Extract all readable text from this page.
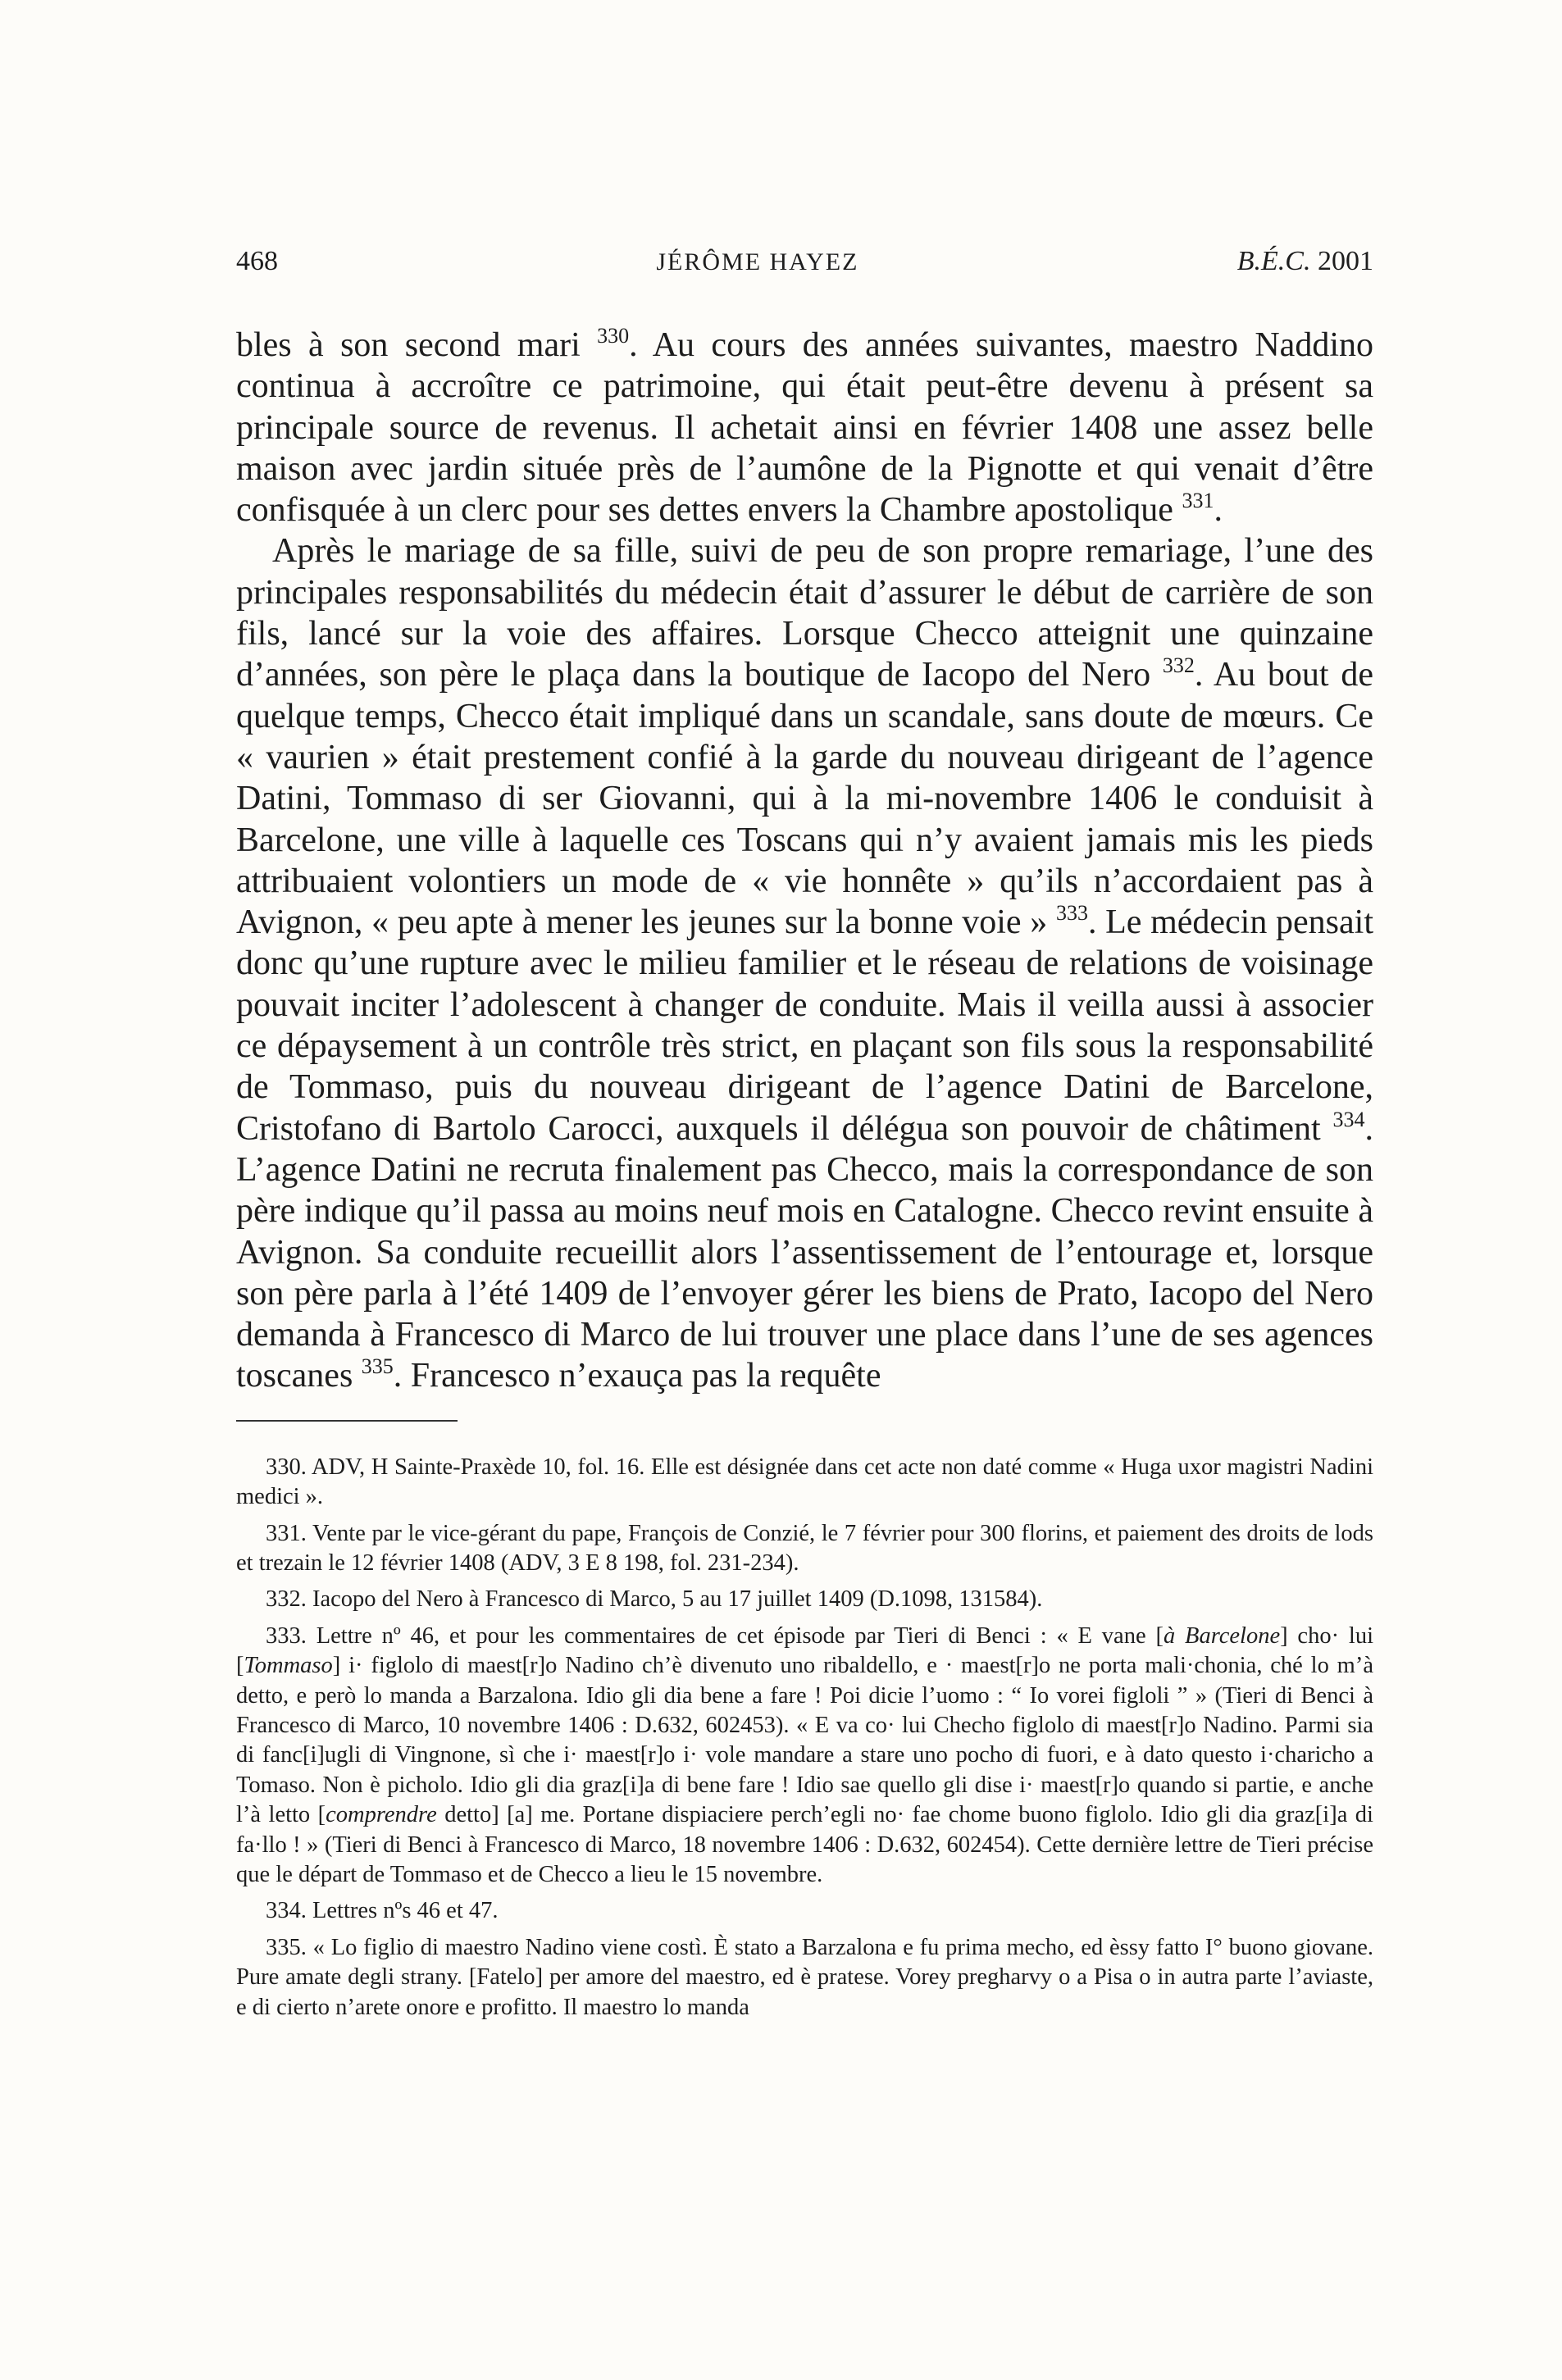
468	JÉRÔME HAYEZ	B.É.C. 2001

bles à son second mari $^{330}$. Au cours des années suivantes, maestro Naddino continua à accroître ce patrimoine, qui était peut-être devenu à présent sa principale source de revenus. Il achetait ainsi en février 1408 une assez belle maison avec jardin située près de l’aumône de la Pignotte et qui venait d’être confisquée à un clerc pour ses dettes envers la Chambre apostolique $^{331}$.

Après le mariage de sa fille, suivi de peu de son propre remariage, l’une des principales responsabilités du médecin était d’assurer le début de carrière de son fils, lancé sur la voie des affaires. Lorsque Checco atteignit une quinzaine d’années, son père le plaça dans la boutique de Iacopo del Nero $^{332}$. Au bout de quelque temps, Checco était impliqué dans un scandale, sans doute de mœurs. Ce « vaurien » était prestement confié à la garde du nouveau dirigeant de l’agence Datini, Tommaso di ser Giovanni, qui à la mi-novembre 1406 le conduisit à Barcelone, une ville à laquelle ces Toscans qui n’y avaient jamais mis les pieds attribuaient volontiers un mode de « vie honnête » qu’ils n’accordaient pas à Avignon, « peu apte à mener les jeunes sur la bonne voie » $^{333}$. Le médecin pensait donc qu’une rupture avec le milieu familier et le réseau de relations de voisinage pouvait inciter l’adolescent à changer de conduite. Mais il veilla aussi à associer ce dépaysement à un contrôle très strict, en plaçant son fils sous la responsabilité de Tommaso, puis du nouveau dirigeant de l’agence Datini de Barcelone, Cristofano di Bartolo Carocci, auxquels il délégua son pouvoir de châtiment $^{334}$. L’agence Datini ne recruta finalement pas Checco, mais la correspondance de son père indique qu’il passa au moins neuf mois en Catalogne. Checco revint ensuite à Avignon. Sa conduite recueillit alors l’assentissement de l’entourage et, lorsque son père parla à l’été 1409 de l’envoyer gérer les biens de Prato, Iacopo del Nero demanda à Francesco di Marco de lui trouver une place dans l’une de ses agences toscanes $^{335}$. Francesco n’exauça pas la requête

330. ADV, H Sainte-Praxède 10, fol. 16. Elle est désignée dans cet acte non daté comme « Huga uxor magistri Nadini medici ».

331. Vente par le vice-gérant du pape, François de Conzié, le 7 février pour 300 florins, et paiement des droits de lods et trezain le 12 février 1408 (ADV, 3 E 8 198, fol. 231-234).

332. Iacopo del Nero à Francesco di Marco, 5 au 17 juillet 1409 (D.1098, 131584).

333. Lettre nº 46, et pour les commentaires de cet épisode par Tieri di Benci : « E vane [à Barcelone] cho· lui [Tommaso] i· figlolo di maest[r]o Nadino ch’è divenuto uno ribaldello, e · maest[r]o ne porta mali·chonia, ché lo m’à detto, e però lo manda a Barzalona. Idio gli dia bene a fare ! Poi dicie l’uomo : “ Io vorei figloli ” » (Tieri di Benci à Francesco di Marco, 10 novembre 1406 : D.632, 602453). « E va co· lui Checho figlolo di maest[r]o Nadino. Parmi sia di fanc[i]ugli di Vingnone, sì che i· maest[r]o i· vole mandare a stare uno pocho di fuori, e à dato questo i·charicho a Tomaso. Non è picholo. Idio gli dia graz[i]a di bene fare ! Idio sae quello gli dise i· maest[r]o quando si partie, e anche l’à letto [comprendre detto] [a] me. Portane dispiaciere perch’egli no· fae chome buono figlolo. Idio gli dia graz[i]a di fa·llo ! » (Tieri di Benci à Francesco di Marco, 18 novembre 1406 : D.632, 602454). Cette dernière lettre de Tieri précise que le départ de Tommaso et de Checco a lieu le 15 novembre.

334. Lettres nºs 46 et 47.

335. « Lo figlio di maestro Nadino viene costì. È stato a Barzalona e fu prima mecho, ed èssy fatto I° buono giovane. Pure amate degli strany. [Fatelo] per amore del maestro, ed è pratese. Vorey pregharvy o a Pisa o in autra parte l’aviaste, e di cierto n’arete onore e profitto. Il maestro lo manda
